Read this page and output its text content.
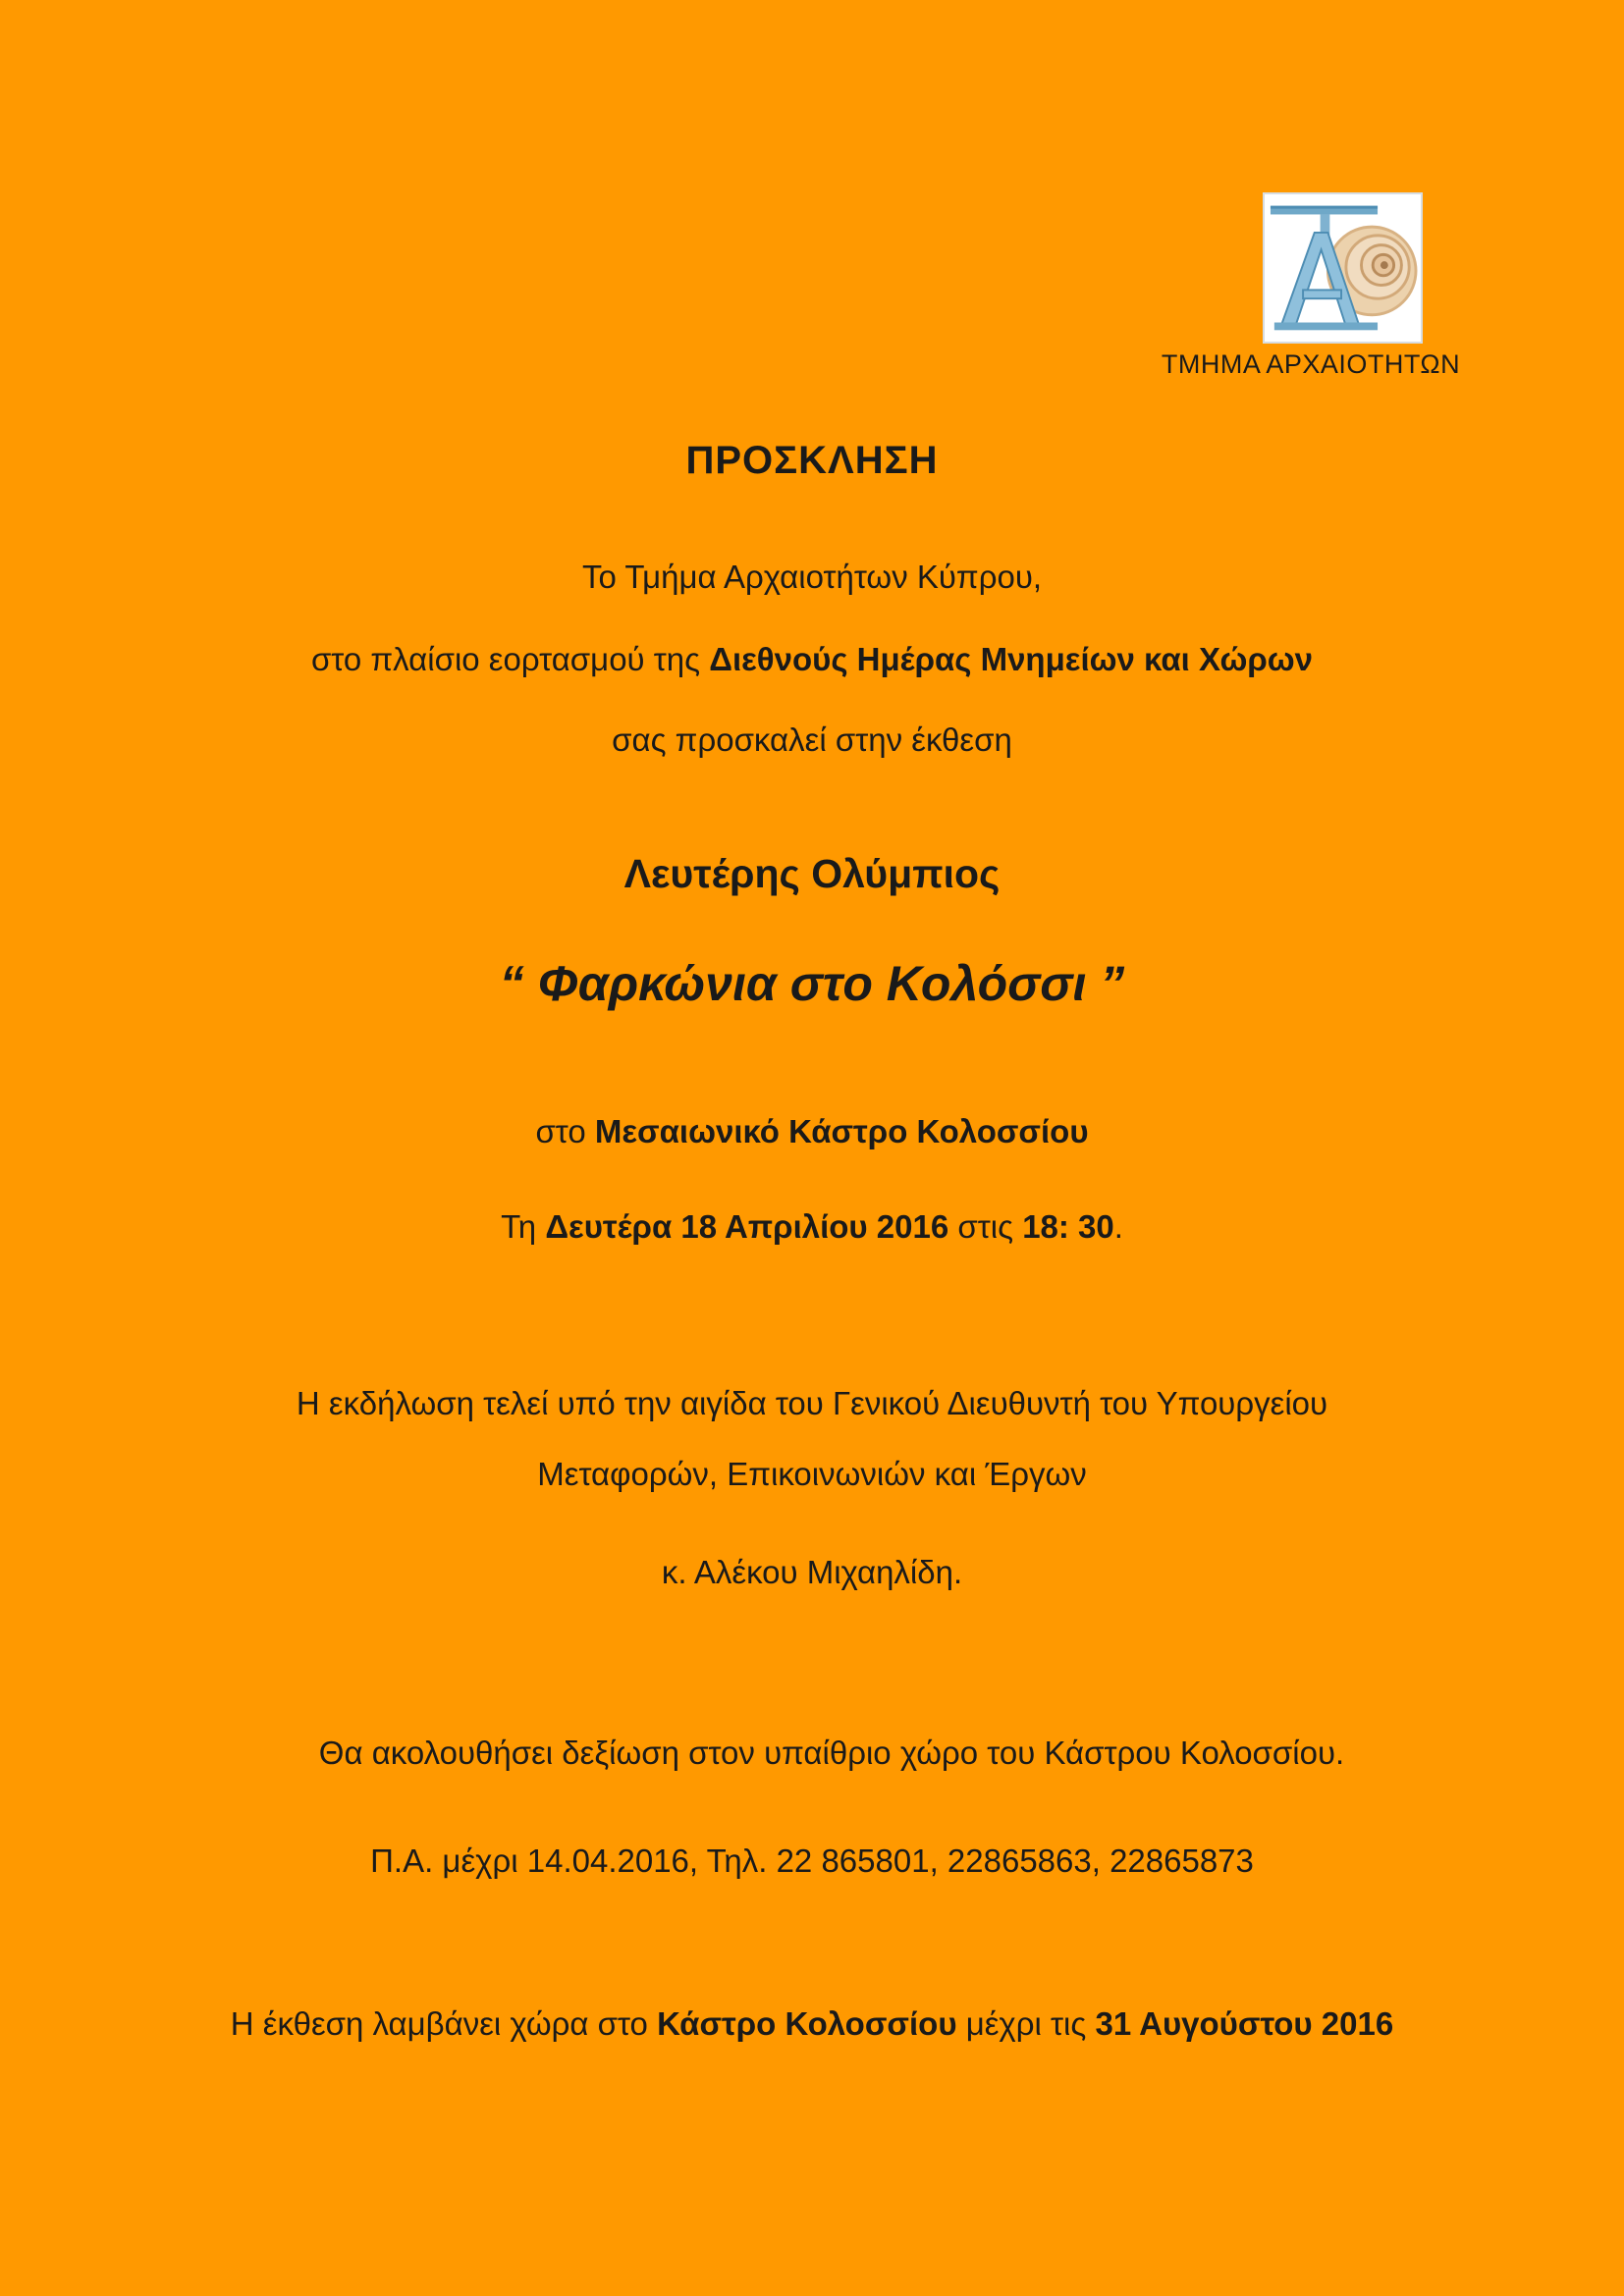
ΤΜΗΜΑ ΑΡΧΑΙΟΤΗΤΩΝ
ΠΡΟΣΚΛΗΣΗ
Το Τμήμα Αρχαιοτήτων Κύπρου,
στο πλαίσιο εορτασμού της Διεθνούς Ημέρας Μνημείων και Χώρων
σας προσκαλεί στην έκθεση
Λευτέρης Ολύμπιος
“ Φαρκώνια στο Κολόσσι ”
στο Μεσαιωνικό Κάστρο Κολοσσίου
Τη Δευτέρα 18 Απριλίου 2016 στις 18: 30.
Η εκδήλωση τελεί υπό την αιγίδα του Γενικού Διευθυντή του Υπουργείου
Μεταφορών, Επικοινωνιών και Έργων
κ. Αλέκου Μιχαηλίδη.
Θα ακολουθήσει δεξίωση στον υπαίθριο χώρο του Κάστρου Κολοσσίου.
Π.Α. μέχρι 14.04.2016, Τηλ. 22 865801, 22865863, 22865873
Η έκθεση λαμβάνει χώρα στο Κάστρο Κολοσσίου μέχρι τις 31 Αυγούστου 2016
